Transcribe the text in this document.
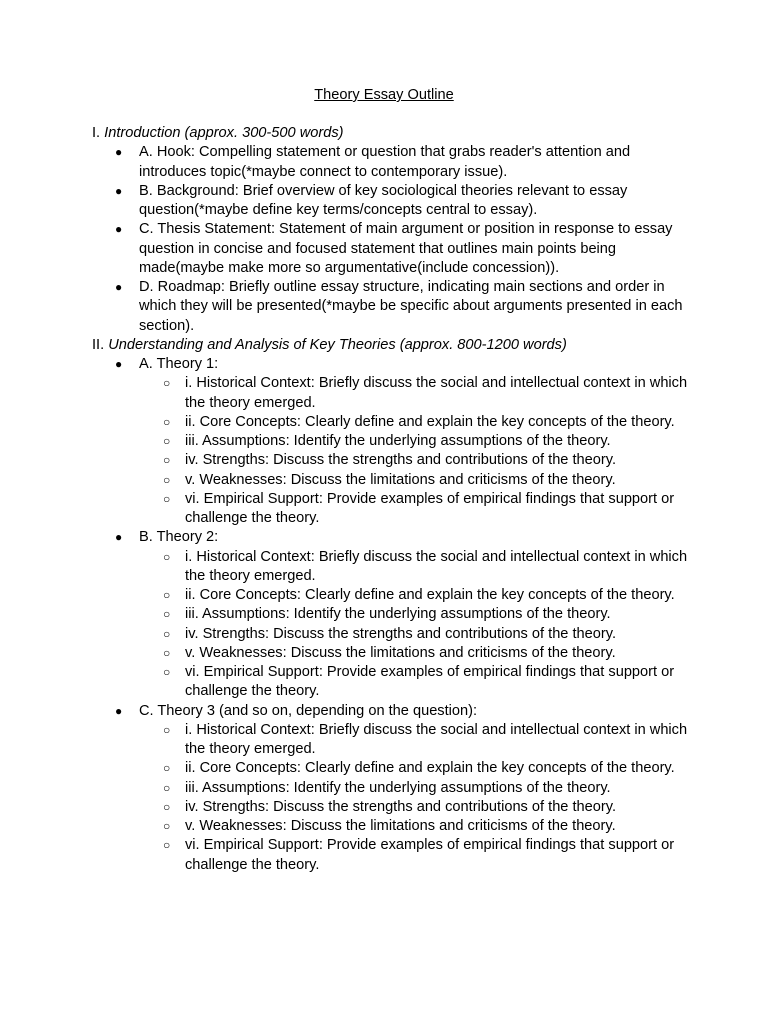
Theory Essay Outline

I. Introduction (approx. 300-500 words)

● A. Hook: Compelling statement or question that grabs reader's attention and introduces topic(*maybe connect to contemporary issue).
● B. Background: Brief overview of key sociological theories relevant to essay question(*maybe define key terms/concepts central to essay).
● C. Thesis Statement: Statement of main argument or position in response to essay question in concise and focused statement that outlines main points being made(maybe make more so argumentative(include concession)).
● D. Roadmap: Briefly outline essay structure, indicating main sections and order in which they will be presented(*maybe be specific about arguments presented in each section).

II. Understanding and Analysis of Key Theories (approx. 800-1200 words)

● A. Theory 1:
○ i. Historical Context: Briefly discuss the social and intellectual context in which the theory emerged.
○ ii. Core Concepts: Clearly define and explain the key concepts of the theory.
○ iii. Assumptions: Identify the underlying assumptions of the theory.
○ iv. Strengths: Discuss the strengths and contributions of the theory.
○ v. Weaknesses: Discuss the limitations and criticisms of the theory.
○ vi. Empirical Support: Provide examples of empirical findings that support or challenge the theory.
● B. Theory 2:
○ i. Historical Context: Briefly discuss the social and intellectual context in which the theory emerged.
○ ii. Core Concepts: Clearly define and explain the key concepts of the theory.
○ iii. Assumptions: Identify the underlying assumptions of the theory.
○ iv. Strengths: Discuss the strengths and contributions of the theory.
○ v. Weaknesses: Discuss the limitations and criticisms of the theory.
○ vi. Empirical Support: Provide examples of empirical findings that support or challenge the theory.
● C. Theory 3 (and so on, depending on the question):
○ i. Historical Context: Briefly discuss the social and intellectual context in which the theory emerged.
○ ii. Core Concepts: Clearly define and explain the key concepts of the theory.
○ iii. Assumptions: Identify the underlying assumptions of the theory.
○ iv. Strengths: Discuss the strengths and contributions of the theory.
○ v. Weaknesses: Discuss the limitations and criticisms of the theory.
○ vi. Empirical Support: Provide examples of empirical findings that support or challenge the theory.
